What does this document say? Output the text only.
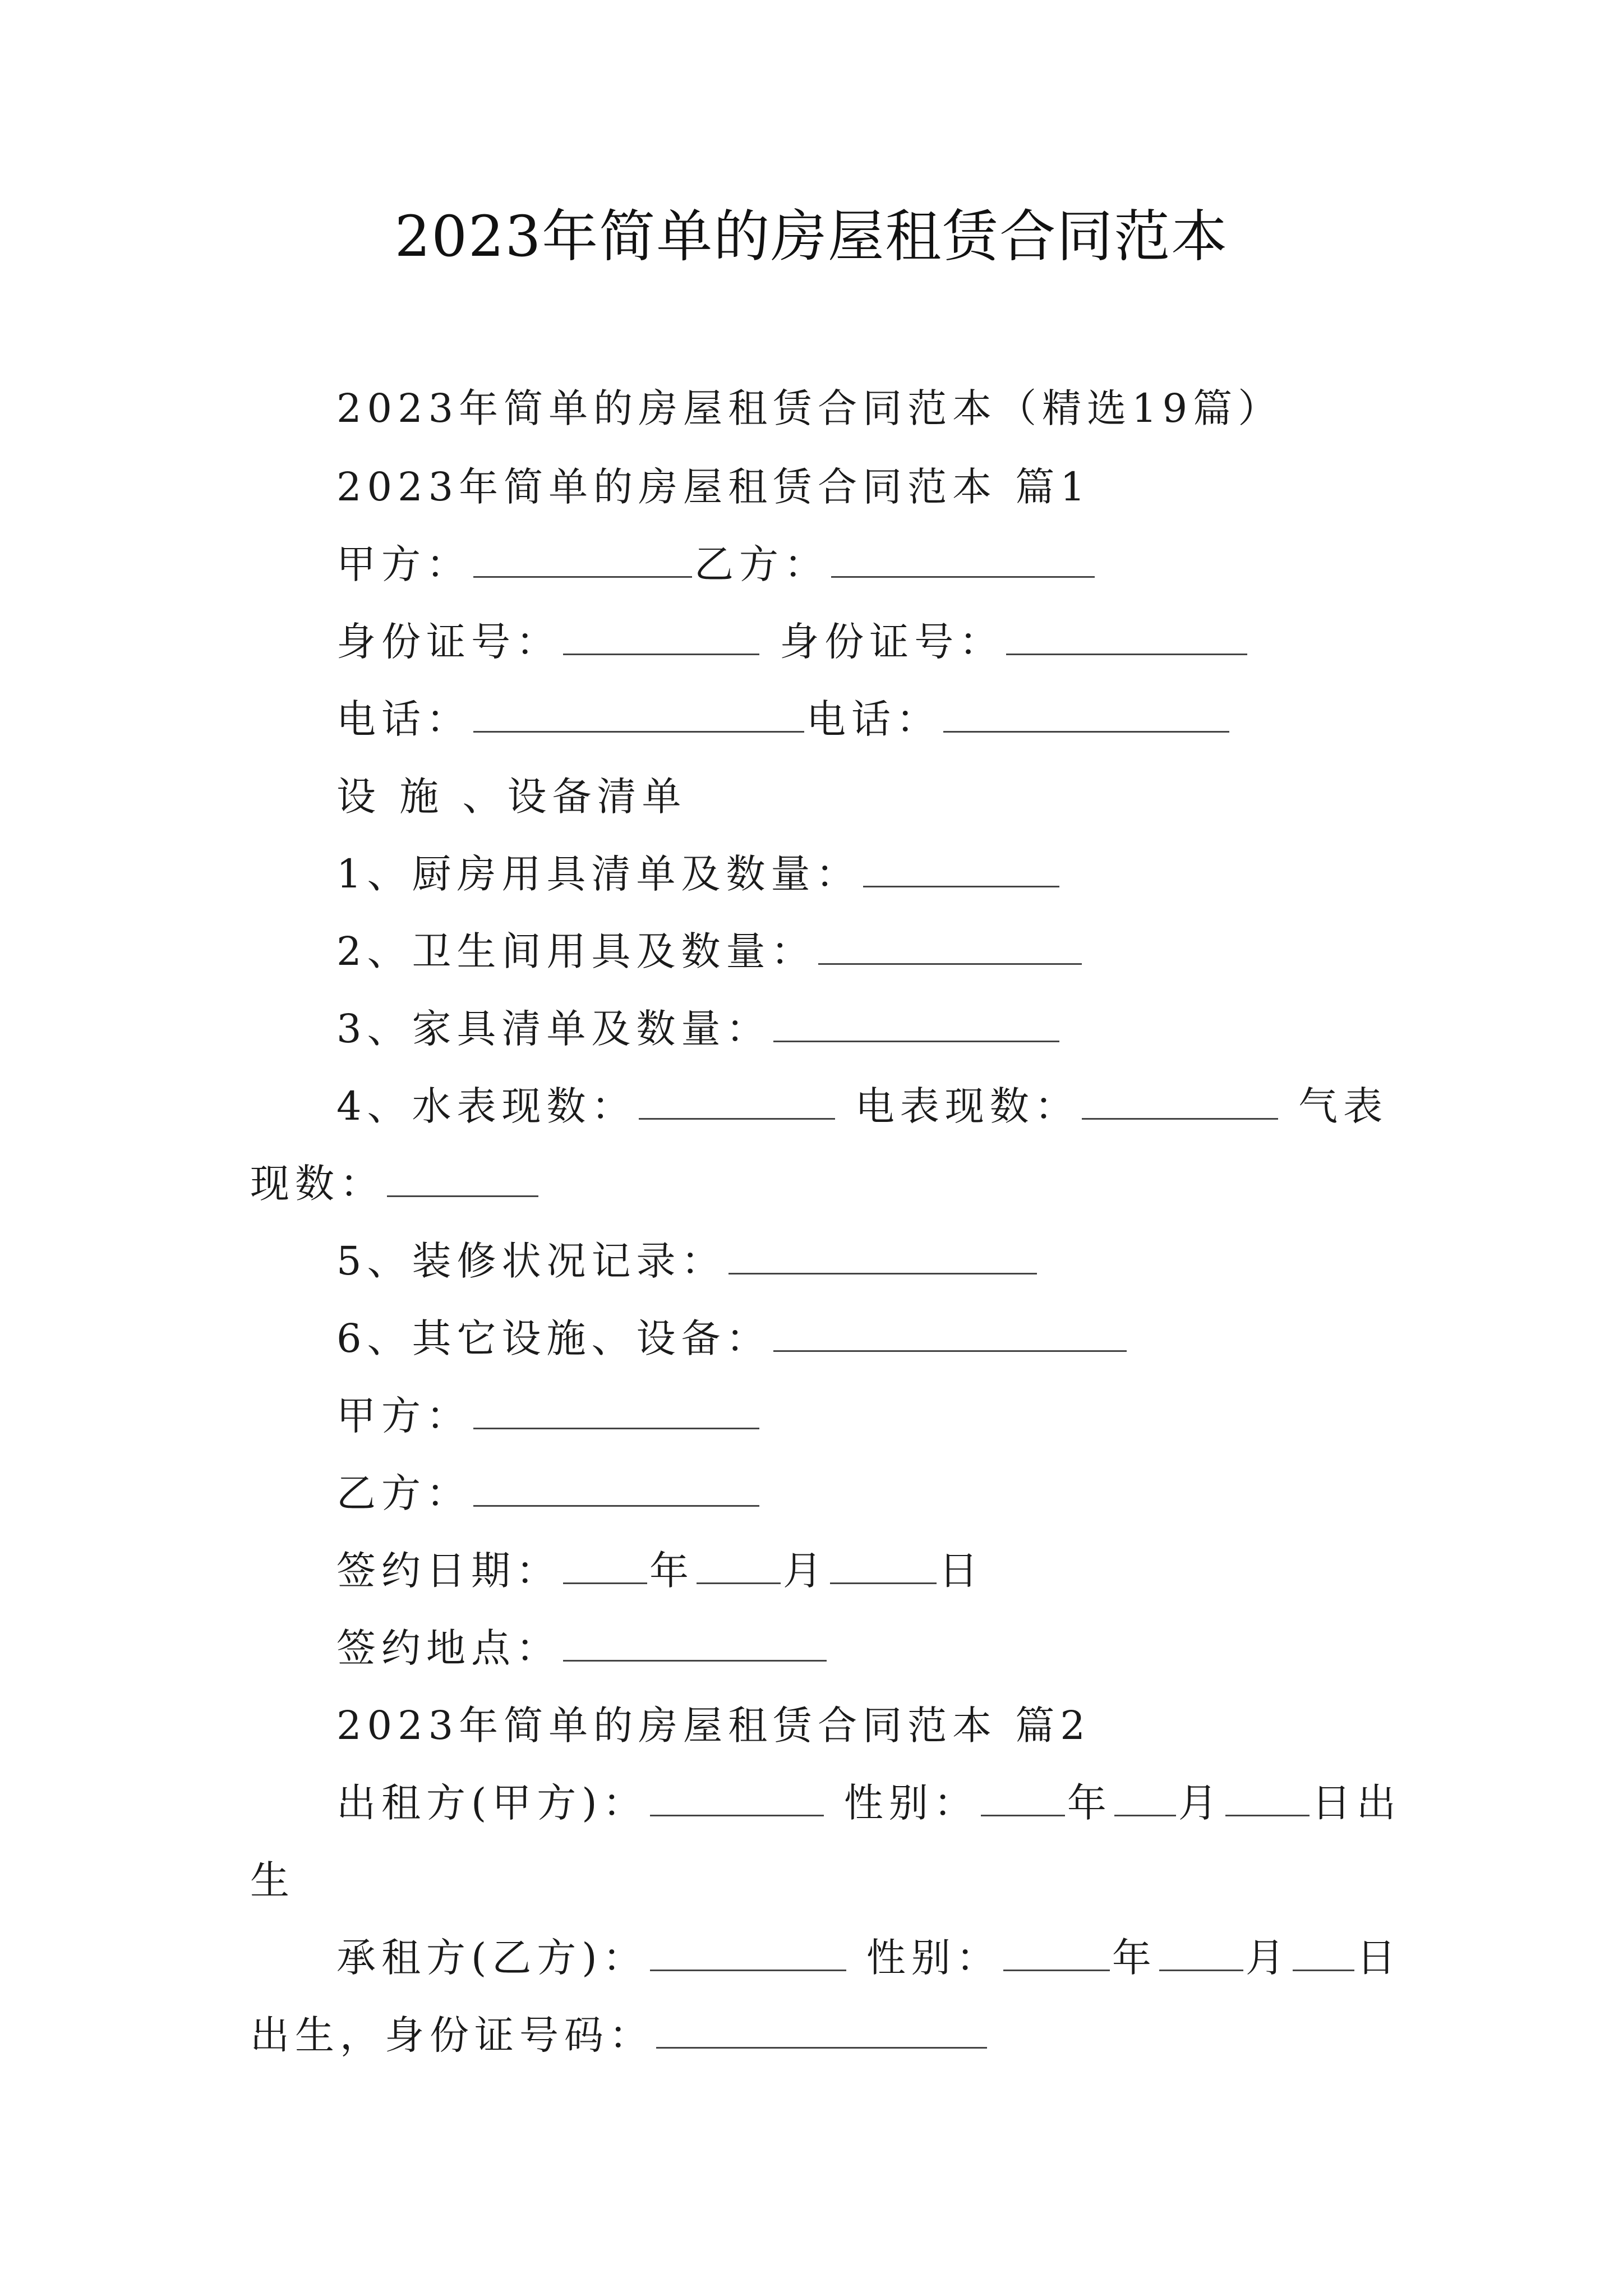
2023年简单的房屋租赁合同范本
2023年简单的房屋租赁合同范本（精选19篇）
2023年简单的房屋租赁合同范本 篇1
甲方：	乙方：
身份证号：	身份证号：
电话：	电话：
设 施 、设备清单
1、厨房用具清单及数量：
2、卫生间用具及数量：
3、家具清单及数量：
4、水表现数：	电表现数：	气表
现数：
5、装修状况记录：
6、其它设施、设备：
甲方：
乙方：
签约日期： 年 月	日
签约地点：
2023年简单的房屋租赁合同范本 篇2
出租方(甲方)：	性别： 年 月 日出
生
承租方(乙方)：	性别：	年 月 日
出生，身份证号码：
